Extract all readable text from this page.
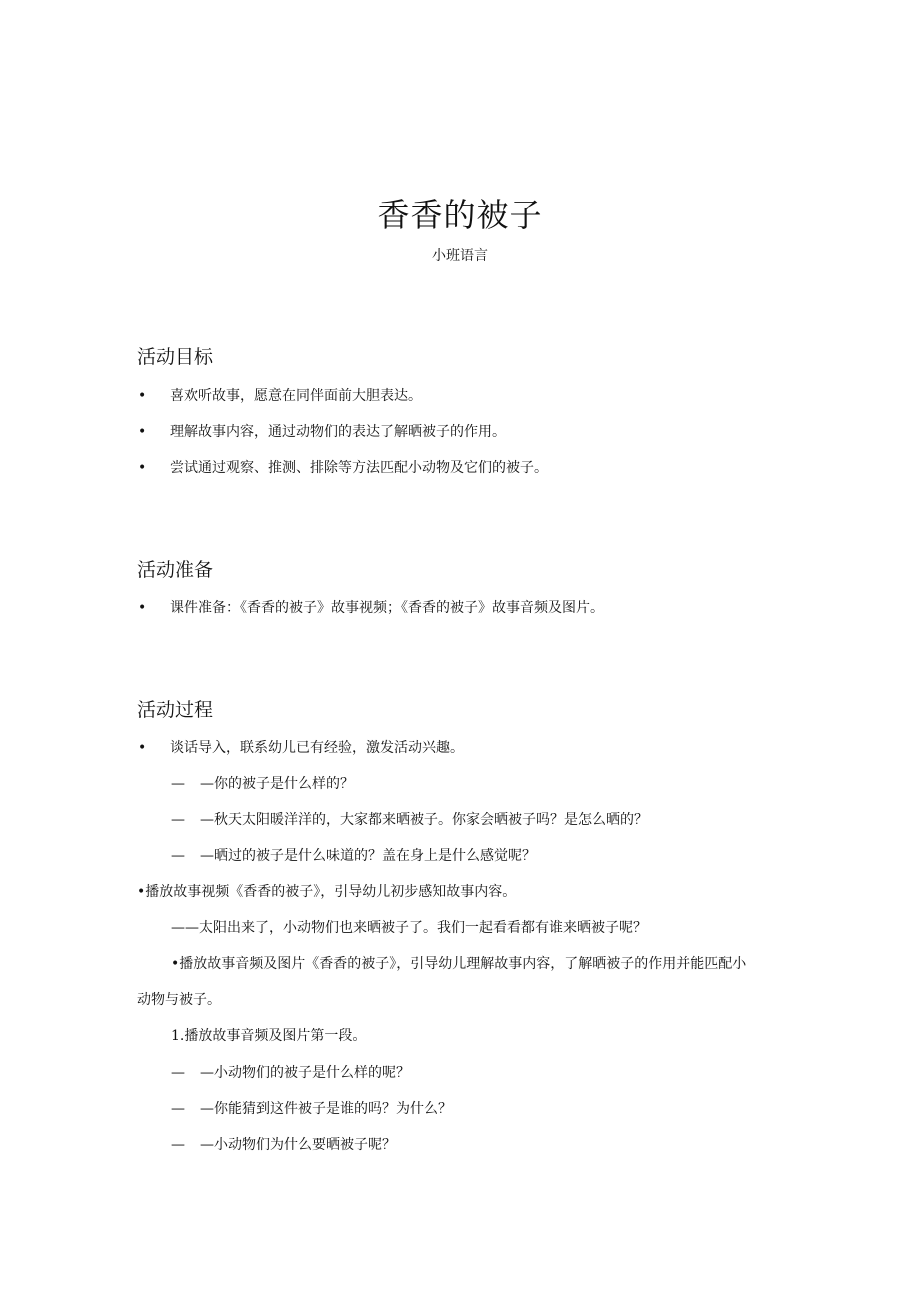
香香的被子
小班语言
活动目标
• 喜欢听故事，愿意在同伴面前大胆表达。
• 理解故事内容，通过动物们的表达了解晒被子的作用。
• 尝试通过观察、推测、排除等方法匹配小动物及它们的被子。
活动准备
• 课件准备：《香香的被子》故事视频；《香香的被子》故事音频及图片。
活动过程
• 谈话导入，联系幼儿已有经验，激发活动兴趣。
— —你的被子是什么样的？
— —秋天太阳暖洋洋的，大家都来晒被子。你家会晒被子吗？是怎么晒的？
— —晒过的被子是什么味道的？盖在身上是什么感觉呢？
•播放故事视频《香香的被子》，引导幼儿初步感知故事内容。
——太阳出来了，小动物们也来晒被子了。我们一起看看都有谁来晒被子呢？
•播放故事音频及图片《香香的被子》，引导幼儿理解故事内容，了解晒被子的作用并能匹配小
动物与被子。
1.播放故事音频及图片第一段。
— —小动物们的被子是什么样的呢？
— —你能猜到这件被子是谁的吗？为什么？
— —小动物们为什么要晒被子呢？
